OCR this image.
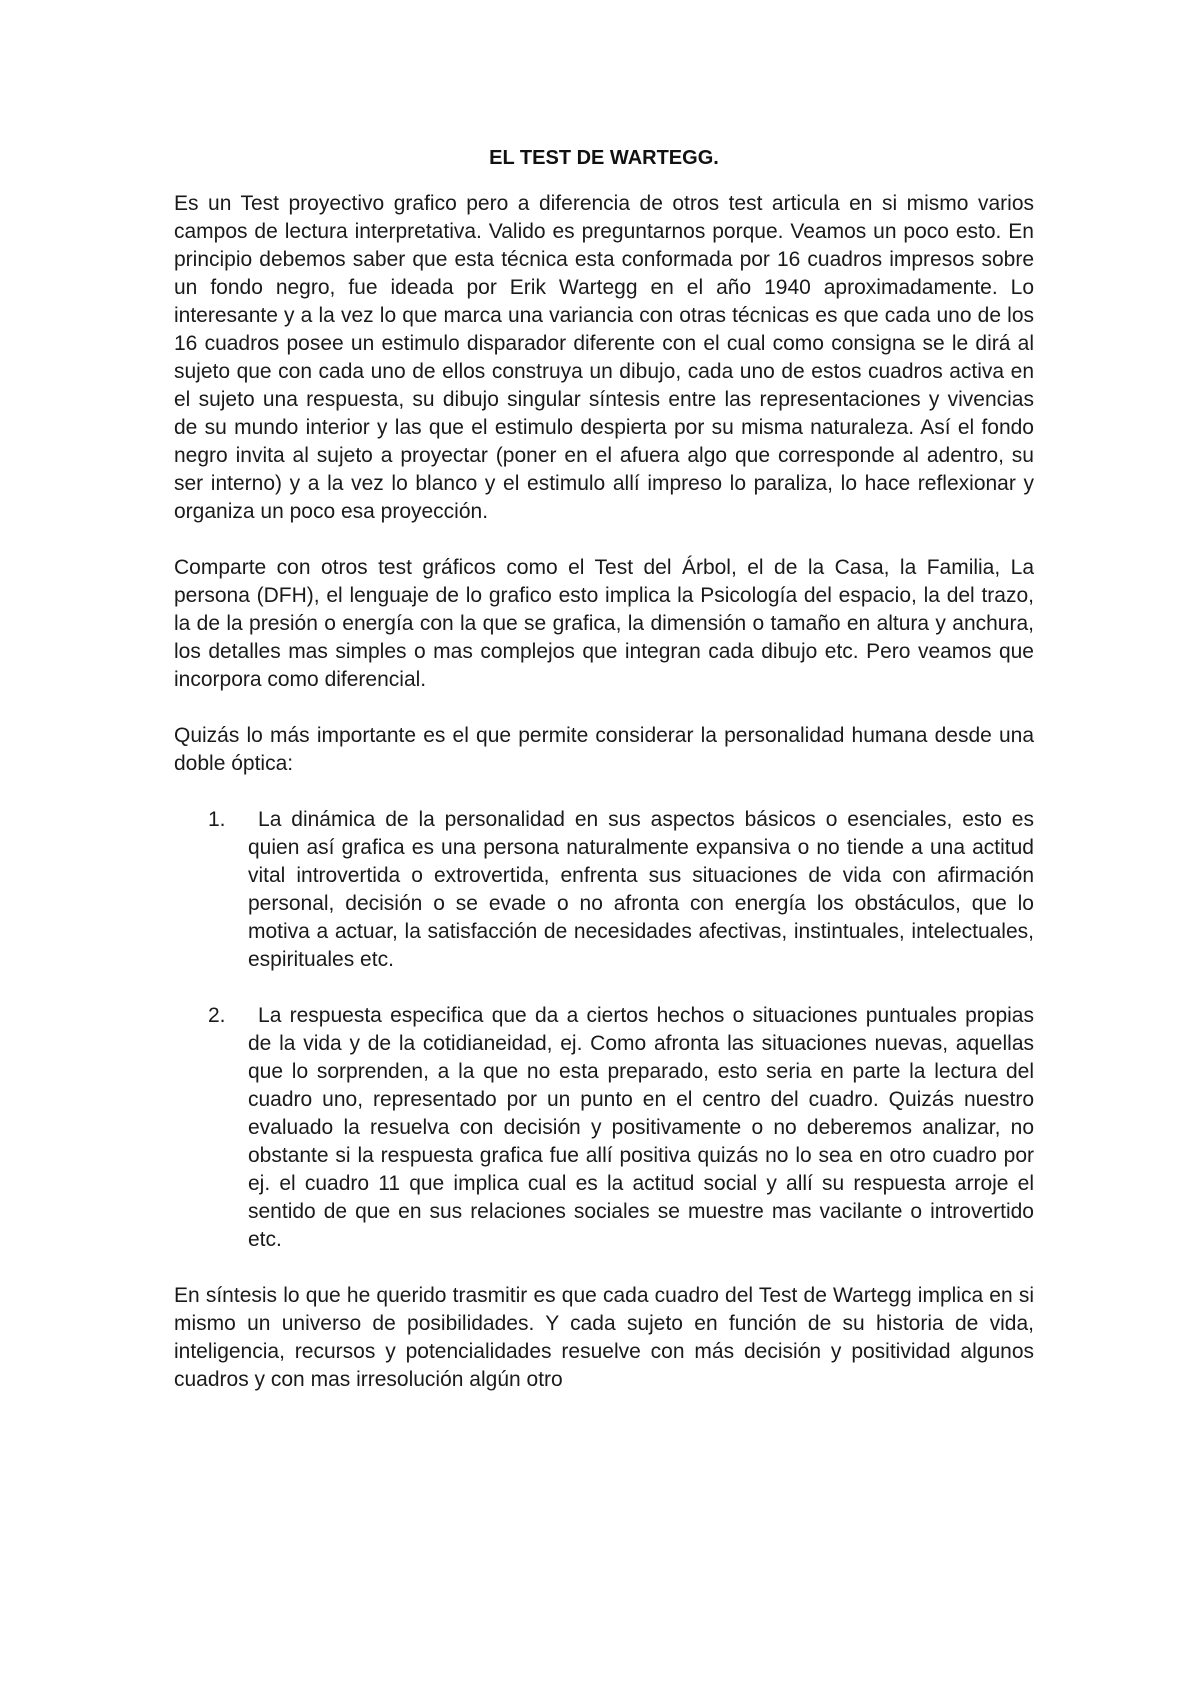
EL TEST DE WARTEGG.

Es un Test proyectivo grafico pero a diferencia de otros test articula en si mismo varios campos de lectura interpretativa. Valido es preguntarnos porque. Veamos un poco esto. En principio debemos saber que esta técnica esta conformada por 16 cuadros impresos sobre un fondo negro, fue ideada por Erik Wartegg en el año 1940 aproximadamente. Lo interesante y a la vez lo que marca una variancia con otras técnicas es que cada uno de los 16 cuadros posee un estimulo disparador diferente con el cual como consigna se le dirá al sujeto que con cada uno de ellos construya un dibujo, cada uno de estos cuadros activa en el sujeto una respuesta, su dibujo singular síntesis entre las representaciones y vivencias de su mundo interior y las que el estimulo despierta por su misma naturaleza. Así el fondo negro invita al sujeto a proyectar (poner en el afuera algo que corresponde al adentro, su ser interno) y a la vez lo blanco y el estimulo allí impreso lo paraliza, lo hace reflexionar y organiza un poco esa proyección.

Comparte con otros test gráficos como el Test del Árbol, el de la Casa, la Familia, La persona (DFH), el lenguaje de lo grafico esto implica la Psicología del espacio, la del trazo, la de la presión o energía con la que se grafica, la dimensión o tamaño en altura y anchura, los detalles mas simples o mas complejos que integran cada dibujo etc. Pero veamos que incorpora como diferencial.

Quizás lo más importante es el que permite considerar la personalidad humana desde una doble óptica:

1.	La dinámica de la personalidad en sus aspectos básicos o esenciales, esto es quien así grafica es una persona naturalmente expansiva o no tiende a una actitud vital introvertida o extrovertida, enfrenta sus situaciones de vida con afirmación personal, decisión o se evade o no afronta con energía los obstáculos, que lo motiva a actuar, la satisfacción de necesidades afectivas, instintuales, intelectuales, espirituales etc.
2.	La respuesta especifica que da a ciertos hechos o situaciones puntuales propias de la vida y de la cotidianeidad, ej. Como afronta las situaciones nuevas, aquellas que lo sorprenden, a la que no esta preparado, esto seria en parte la lectura del cuadro uno, representado por un punto en el centro del cuadro. Quizás nuestro evaluado la resuelva con decisión y positivamente o no deberemos analizar, no obstante si la respuesta grafica fue allí positiva quizás no lo sea en otro cuadro por ej. el cuadro 11 que implica cual es la actitud social y allí su respuesta arroje el sentido de que en sus relaciones sociales se muestre mas vacilante o introvertido etc.

En síntesis lo que he querido trasmitir es que cada cuadro del Test de Wartegg implica en si mismo un universo de posibilidades. Y cada sujeto en función de su historia de vida, inteligencia, recursos y potencialidades resuelve con más decisión y positividad algunos cuadros y con mas irresolución algún otro
